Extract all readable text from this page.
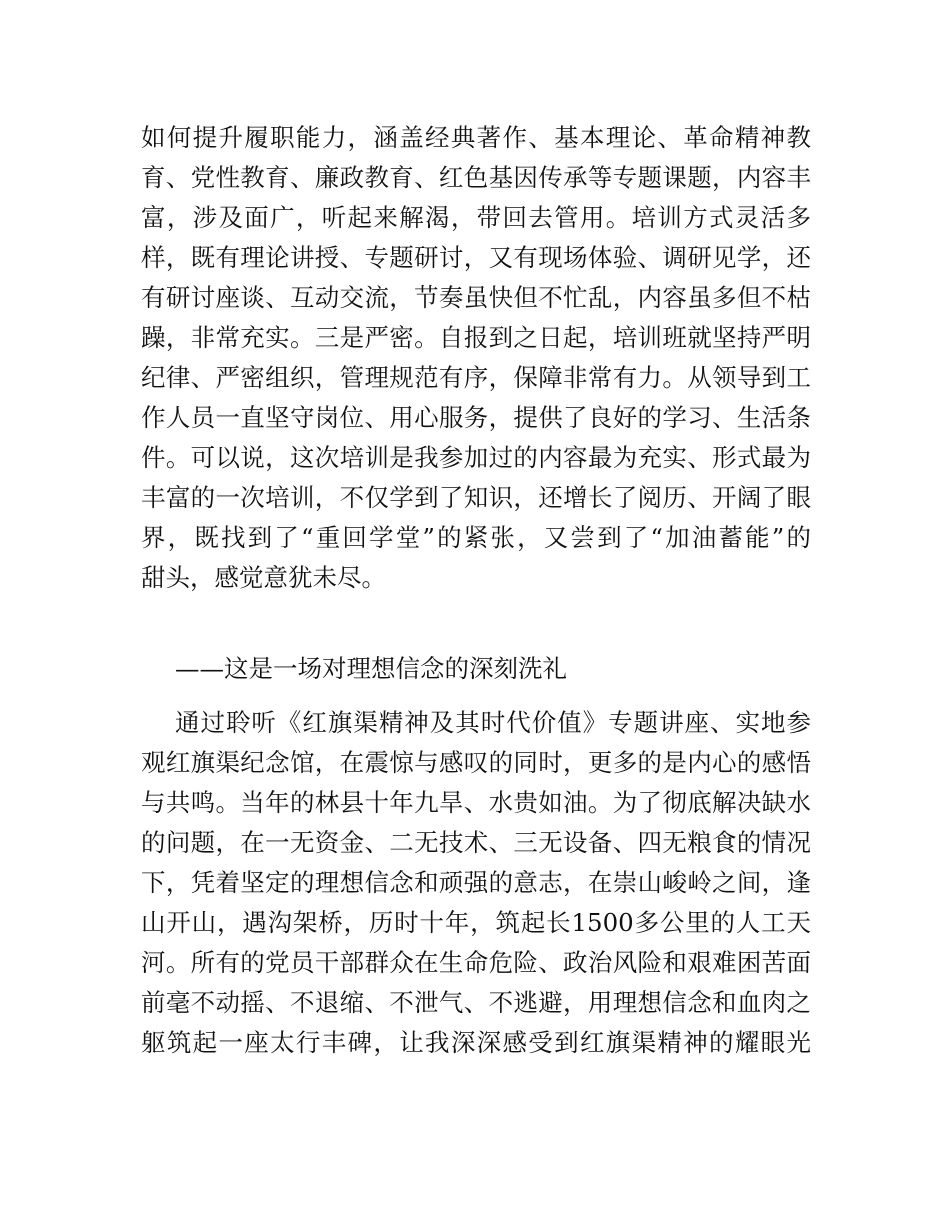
如何提升履职能力，涵盖经典著作、基本理论、革命精神教
育、党性教育、廉政教育、红色基因传承等专题课题，内容丰
富，涉及面广，听起来解渴，带回去管用。培训方式灵活多
样，既有理论讲授、专题研讨，又有现场体验、调研见学，还
有研讨座谈、互动交流，节奏虽快但不忙乱，内容虽多但不枯
躁，非常充实。三是严密。自报到之日起，培训班就坚持严明
纪律、严密组织，管理规范有序，保障非常有力。从领导到工
作人员一直坚守岗位、用心服务，提供了良好的学习、生活条
件。可以说，这次培训是我参加过的内容最为充实、形式最为
丰富的一次培训，不仅学到了知识，还增长了阅历、开阔了眼
界，既找到了“重回学堂”的紧张，又尝到了“加油蓄能”的
甜头，感觉意犹未尽。
——这是一场对理想信念的深刻洗礼
通过聆听《红旗渠精神及其时代价值》专题讲座、实地参
观红旗渠纪念馆，在震惊与感叹的同时，更多的是内心的感悟
与共鸣。当年的林县十年九旱、水贵如油。为了彻底解决缺水
的问题，在一无资金、二无技术、三无设备、四无粮食的情况
下，凭着坚定的理想信念和顽强的意志，在崇山峻岭之间，逢
山开山，遇沟架桥，历时十年，筑起长1500多公里的人工天
河。所有的党员干部群众在生命危险、政治风险和艰难困苦面
前毫不动摇、不退缩、不泄气、不逃避，用理想信念和血肉之
躯筑起一座太行丰碑，让我深深感受到红旗渠精神的耀眼光
